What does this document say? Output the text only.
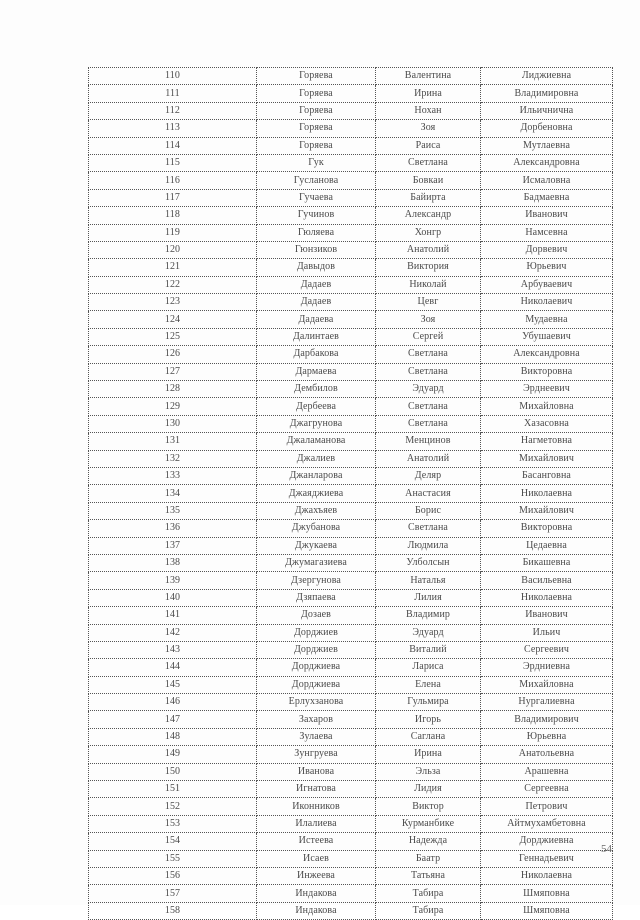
110	Горяева	Валентина	Лиджиевна
111	Горяева	Ирина	Владимировна
112	Горяева	Нохан	Ильичнична
113	Горяева	Зоя	Дорбеновна
114	Горяева	Раиса	Мутлаевна
115	Гук	Светлана	Александровна
116	Гусланова	Бовкаи	Исмаловна
117	Гучаева	Байирта	Бадмаевна
118	Гучинов	Александр	Иванович
119	Гюляева	Хонгр	Намсевна
120	Гюнзиков	Анатолий	Дорвевич
121	Давыдов	Виктория	Юрьевич
122	Дадаев	Николай	Арбуваевич
123	Дадаев	Цевг	Николаевич
124	Дадаева	Зоя	Мудаевна
125	Далинтаев	Сергей	Убушаевич
126	Дарбакова	Светлана	Александровна
127	Дармаева	Светлана	Викторовна
128	Дембилов	Эдуард	Эрднеевич
129	Дербеева	Светлана	Михайловна
130	Джагрунова	Светлана	Хазасовна
131	Джаламанова	Менцинов	Нагметовна
132	Джалиев	Анатолий	Михайлович
133	Джанларова	Деляр	Басанговна
134	Джаяджиева	Анастасия	Николаевна
135	Джахъяев	Борис	Михайлович
136	Джубанова	Светлана	Викторовна
137	Джукаева	Людмила	Цедаевна
138	Джумагазиева	Улболсын	Бикашевна
139	Дзергунова	Наталья	Васильевна
140	Дзяпаева	Лилия	Николаевна
141	Дозаев	Владимир	Иванович
142	Дорджиев	Эдуард	Ильич
143	Дорджиев	Виталий	Сергеевич
144	Дорджиева	Лариса	Эрдниевна
145	Дорджиева	Елена	Михайловна
146	Ерлухзанова	Гульмира	Нургалиевна
147	Захаров	Игорь	Владимирович
148	Зулаева	Саглана	Юрьевна
149	Зунгруева	Ирина	Анатольевна
150	Иванова	Эльза	Арашевна
151	Игнатова	Лидия	Сергеевна
152	Иконников	Виктор	Петрович
153	Илалиева	Курманбике	Айтмухамбетовна
154	Истеева	Надежда	Дорджиевна
155	Исаев	Баатр	Геннадьевич
156	Инжеева	Татьяна	Николаевна
157	Индакова	Табира	Шмяповна
158	Индакова	Табира	Шмяповна
54
